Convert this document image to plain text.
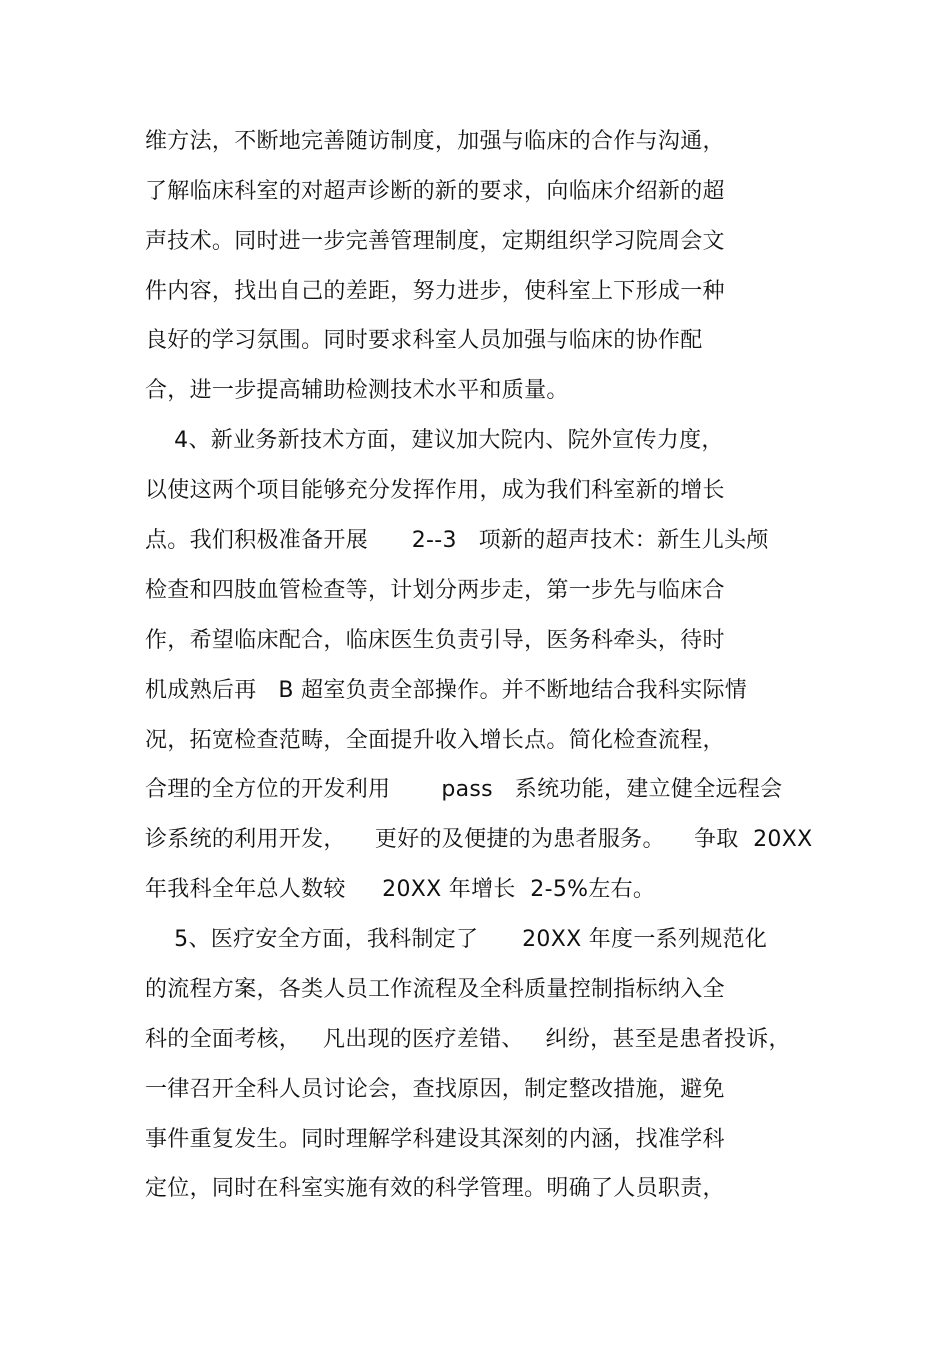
维方法，不断地完善随访制度，加强与临床的合作与沟通，
了解临床科室的对超声诊断的新的要求，向临床介绍新的超
声技术。同时进一步完善管理制度，定期组织学习院周会文
件内容，找出自己的差距，努力进步，使科室上下形成一种
良好的学习氛围。同时要求科室人员加强与临床的协作配
合，进一步提高辅助检测技术水平和质量。
4、新业务新技术方面，建议加大院内、院外宣传力度，
以使这两个项目能够充分发挥作用，成为我们科室新的增长
点。我们积极准备开展      2--3   项新的超声技术：新生儿头颅
检查和四肢血管检查等，计划分两步走，第一步先与临床合
作，希望临床配合，临床医生负责引导，医务科牵头，待时
机成熟后再   B 超室负责全部操作。并不断地结合我科实际情
况，拓宽检查范畴，全面提升收入增长点。简化检查流程，
合理的全方位的开发利用       pass   系统功能，建立健全远程会
诊系统的利用开发，    更好的及便捷的为患者服务。    争取  20XX
年我科全年总人数较     20XX 年增长  2-5%左右。
5、医疗安全方面，我科制定了      20XX 年度一系列规范化
的流程方案，各类人员工作流程及全科质量控制指标纳入全
科的全面考核，   凡出现的医疗差错、   纠纷，甚至是患者投诉，
一律召开全科人员讨论会，查找原因，制定整改措施，避免
事件重复发生。同时理解学科建设其深刻的内涵，找准学科
定位，同时在科室实施有效的科学管理。明确了人员职责，
